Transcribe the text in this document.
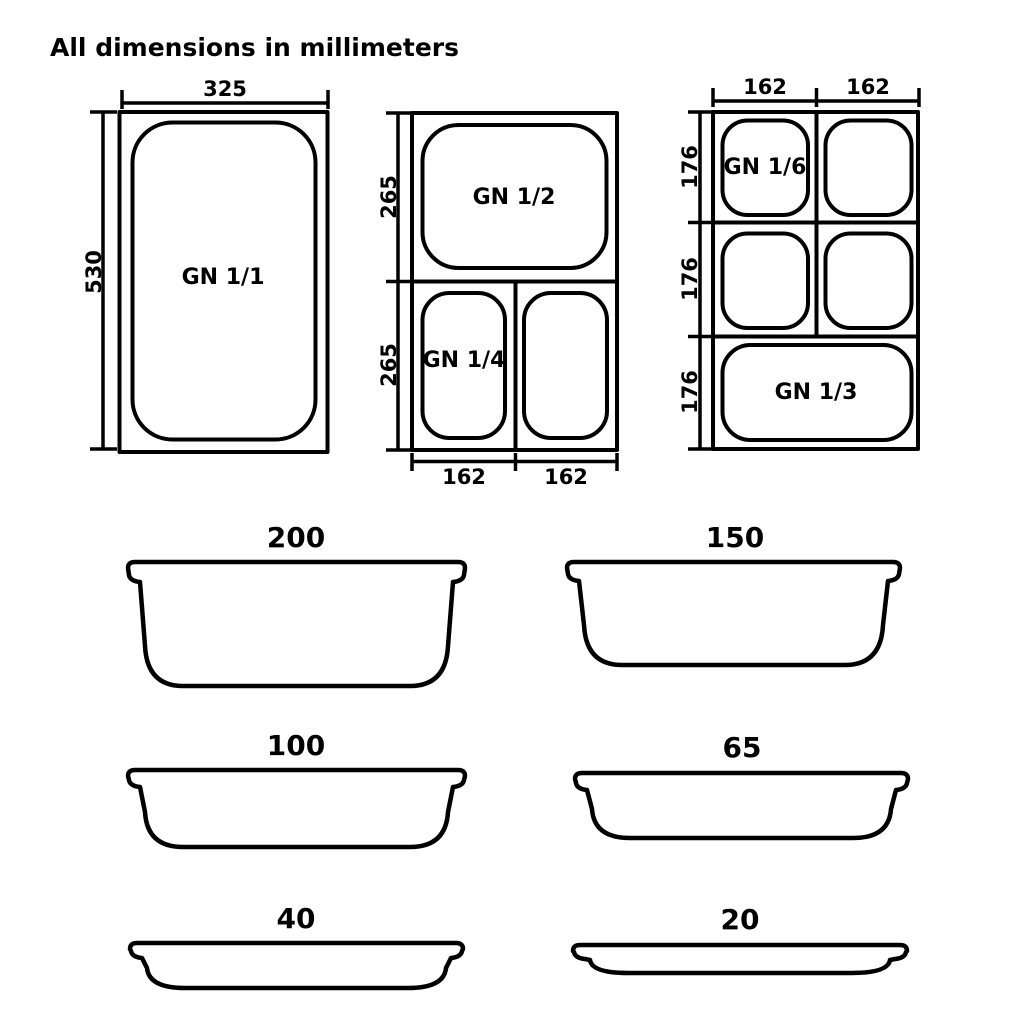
All dimensions in millimeters
GN 1/1
325
530
GN 1/2
GN 1/4
265
265
162	162
GN 1/6
GN 1/3
162	162
176
176
176
200	150
100	65
40	20
